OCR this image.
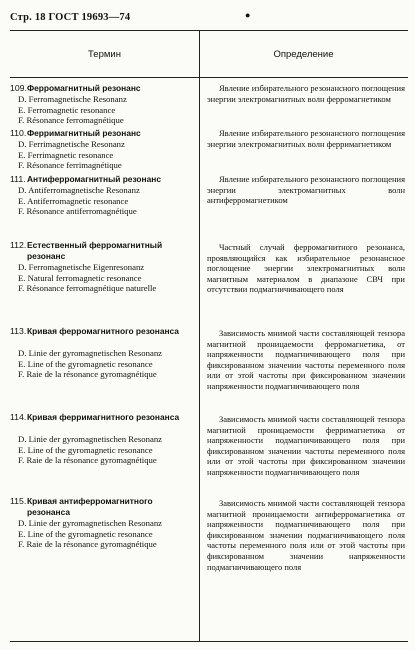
Стр. 18 ГОСТ 19693—74	●
Термин	Определение
109. Ферромагнитный резонанс
D. Ferromagnetische Resonanz
E. Ferromagnetic resonance
F. Résonance ferromagnétique
Явление избирательного резонансного поглощения энергии электромагнитных волн ферромагнетиком
110. Ферримагнитный резонанс
D. Ferrimagnetische Resonanz
E. Ferrimagnetic resonance
F. Résonance ferrimagnétique
Явление избирательного резонансного поглощения энергии электромагнитных волн ферримагнетиком
111. Антиферромагнитный резонанс
D. Antiferromagnetische Resonanz
E. Antiferromagnetic resonance
F. Résonance antiferromagnétique
Явление избирательного резонансного поглощения энергии электромагнитных волн антиферромагнетиком
112. Естественный ферромагнитный резонанс
D. Ferromagnetische Eigenresonanz
E. Natural ferromagnetic resonance
F. Résonance ferromagnétique naturelle
Частный случай ферромагнитного резонанса, проявляющийся как избирательное резонансное поглощение энергии электромагнитных волн магнитным материалом в диапазоне СВЧ при отсутствии подмагничивающего поля
113. Кривая ферромагнитного резонанса
D. Linie der gyromagnetischen Resonanz
E. Line of the gyromagnetic resonance
F. Raie de la résonance gyromagnétique
Зависимость мнимой части составляющей тензора магнитной проницаемости ферромагнетика, от напряженности подмагничивающего поля при фиксированном значении частоты переменного поля или от этой частоты при фиксированном значении напряженности подмагничивающего поля
114. Кривая ферримагнитного резонанса
D. Linie der gyromagnetischen Resonanz
E. Line of the gyromagnetic resonance
F. Raie de la résonance gyromagnétique
Зависимость мнимой части составляющей тензора магнитной проницаемости ферримагнетика от напряженности подмагничивающего поля при фиксированном значении частоты переменного поля или от этой частоты при фиксированном значении напряженности подмагничивающего поля
115. Кривая антиферромагнитного резонанса
D. Linie der gyromagnetischen Resonanz
E. Line of the gyromagnetic resonance
F. Raie de la résonance gyromagnétique
Зависимость мнимой части составляющей тензора магнитной проницаемости антиферромагнетика от напряженности подмагничивающего поля при фиксированном значении подмагничивающего поля частоты переменного поля или от этой частоты при фиксированном значении напряженности подмагничивающего поля
